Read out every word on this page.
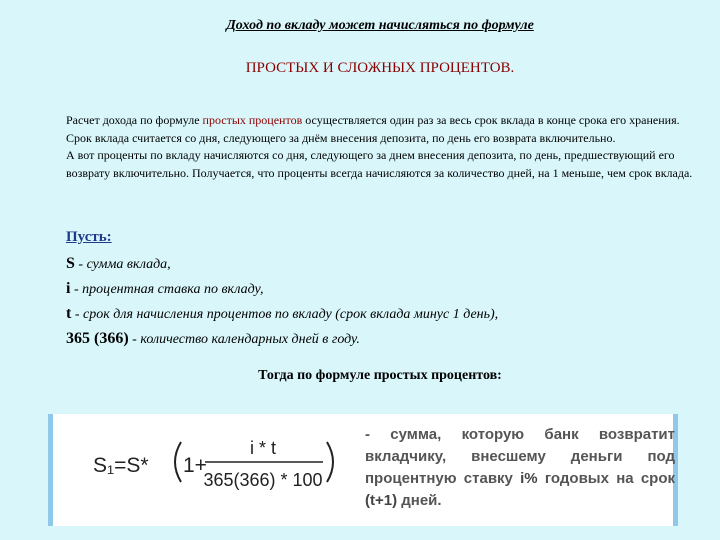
Доход по вкладу может начисляться по формуле
ПРОСТЫХ И СЛОЖНЫХ ПРОЦЕНТОВ.
Расчет дохода по формуле простых процентов осуществляется один раз за весь срок вклада в конце срока его хранения. Срок вклада считается со дня, следующего за днём внесения депозита, по день его возврата включительно.
А вот проценты по вкладу начисляются со дня, следующего за днем внесения депозита, по день, предшествующий его возврату включительно. Получается, что проценты всегда начисляются за количество дней, на 1 меньше, чем срок вклада.
Пусть:
S - сумма вклада,
i - процентная ставка по вкладу,
t - срок для начисления процентов по вкладу (срок вклада минус 1 день),
365 (366) - количество календарных дней в году.
Тогда по формуле простых процентов:
S₁=S* 1+
i * t
365(366) * 100
- сумма, которую банк возвратит вкладчику, внесшему деньги под процентную ставку i% годовых на срок (t+1) дней.
